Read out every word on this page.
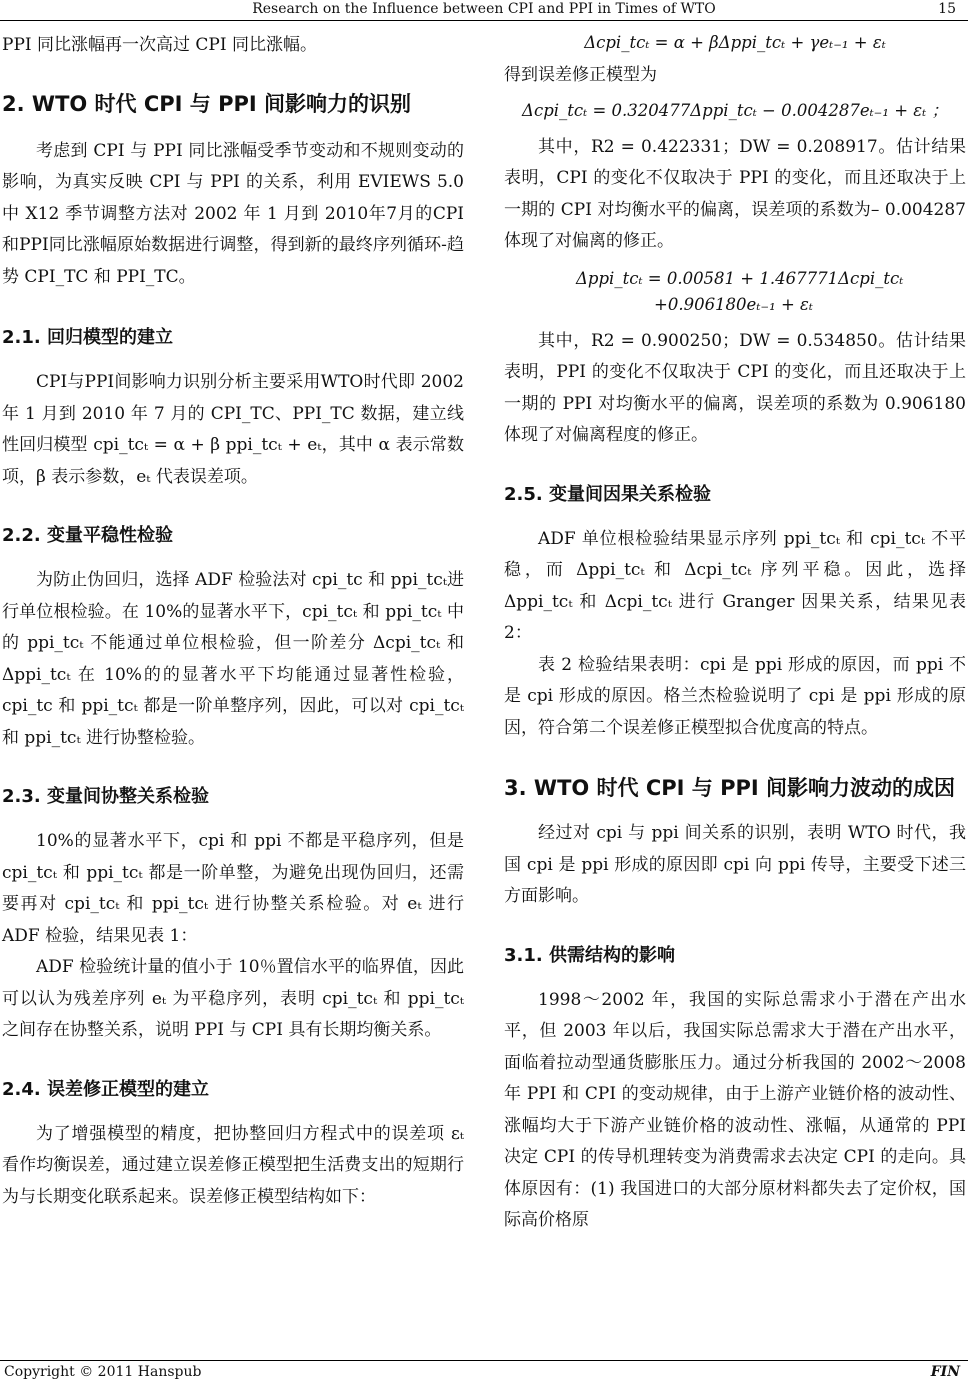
Research on the Influence between CPI and PPI in Times of WTO	15

PPI 同比涨幅再一次高过 CPI 同比涨幅。

2. WTO 时代 CPI 与 PPI 间影响力的识别

考虑到 CPI 与 PPI 同比涨幅受季节变动和不规则变动的影响，为真实反映 CPI 与 PPI 的关系，利用 EVIEWS 5.0 中 X12 季节调整方法对 2002 年 1 月到 2010年7月的CPI和PPI同比涨幅原始数据进行调整，得到新的最终序列循环-趋势 CPI_TC 和 PPI_TC。

2.1. 回归模型的建立

CPI与PPI间影响力识别分析主要采用WTO时代即 2002 年 1 月到 2010 年 7 月的 CPI_TC、PPI_TC 数据，建立线性回归模型 cpi_tcₜ = α + β ppi_tcₜ + eₜ，其中 α 表示常数项，β 表示参数，eₜ 代表误差项。

2.2. 变量平稳性检验

为防止伪回归，选择 ADF 检验法对 cpi_tc 和 ppi_tcₜ进行单位根检验。在 10%的显著水平下，cpi_tcₜ 和 ppi_tcₜ 中的 ppi_tcₜ 不能通过单位根检验，但一阶差分 Δcpi_tcₜ 和 Δppi_tcₜ 在 10%的的显著水平下均能通过显著性检验，cpi_tc 和 ppi_tcₜ 都是一阶单整序列，因此，可以对 cpi_tcₜ 和 ppi_tcₜ 进行协整检验。

2.3. 变量间协整关系检验

10%的显著水平下，cpi 和 ppi 不都是平稳序列，但是 cpi_tcₜ 和 ppi_tcₜ 都是一阶单整，为避免出现伪回归，还需要再对 cpi_tcₜ 和 ppi_tcₜ 进行协整关系检验。对 eₜ 进行 ADF 检验，结果见表 1：

ADF 检验统计量的值小于 10％置信水平的临界值，因此可以认为残差序列 eₜ 为平稳序列，表明 cpi_tcₜ 和 ppi_tcₜ 之间存在协整关系，说明 PPI 与 CPI 具有长期均衡关系。

2.4. 误差修正模型的建立

为了增强模型的精度，把协整回归方程式中的误差项 εₜ 看作均衡误差，通过建立误差修正模型把生活费支出的短期行为与长期变化联系起来。误差修正模型结构如下：

Δcpi_tcₜ = α + βΔppi_tcₜ + γeₜ₋₁ + εₜ

得到误差修正模型为

Δcpi_tcₜ = 0.320477Δppi_tcₜ − 0.004287eₜ₋₁ + εₜ ；

其中，R2 = 0.422331；DW = 0.208917。估计结果表明，CPI 的变化不仅取决于 PPI 的变化，而且还取决于上一期的 CPI 对均衡水平的偏离，误差项的系数为– 0.004287 体现了对偏离的修正。

Δppi_tcₜ = 0.00581 + 1.467771Δcpi_tcₜ
+0.906180eₜ₋₁ + εₜ

其中，R2 = 0.900250；DW = 0.534850。估计结果表明，PPI 的变化不仅取决于 CPI 的变化，而且还取决于上一期的 PPI 对均衡水平的偏离，误差项的系数为 0.906180 体现了对偏离程度的修正。

2.5. 变量间因果关系检验

ADF 单位根检验结果显示序列 ppi_tcₜ 和 cpi_tcₜ 不平稳，而 Δppi_tcₜ 和 Δcpi_tcₜ 序列平稳。因此，选择 Δppi_tcₜ 和 Δcpi_tcₜ 进行 Granger 因果关系，结果见表 2：

表 2 检验结果表明：cpi 是 ppi 形成的原因，而 ppi 不是 cpi 形成的原因。格兰杰检验说明了 cpi 是 ppi 形成的原因，符合第二个误差修正模型拟合优度高的特点。

3. WTO 时代 CPI 与 PPI 间影响力波动的成因

经过对 cpi 与 ppi 间关系的识别，表明 WTO 时代，我国 cpi 是 ppi 形成的原因即 cpi 向 ppi 传导，主要受下述三方面影响。

3.1. 供需结构的影响

1998～2002 年，我国的实际总需求小于潜在产出水平，但 2003 年以后，我国实际总需求大于潜在产出水平，面临着拉动型通货膨胀压力。通过分析我国的 2002～2008 年 PPI 和 CPI 的变动规律，由于上游产业链价格的波动性、涨幅均大于下游产业链价格的波动性、涨幅，从通常的 PPI 决定 CPI 的传导机理转变为消费需求去决定 CPI 的走向。具体原因有：(1) 我国进口的大部分原材料都失去了定价权，国际高价格原

Copyright © 2011 Hanspub	FIN
